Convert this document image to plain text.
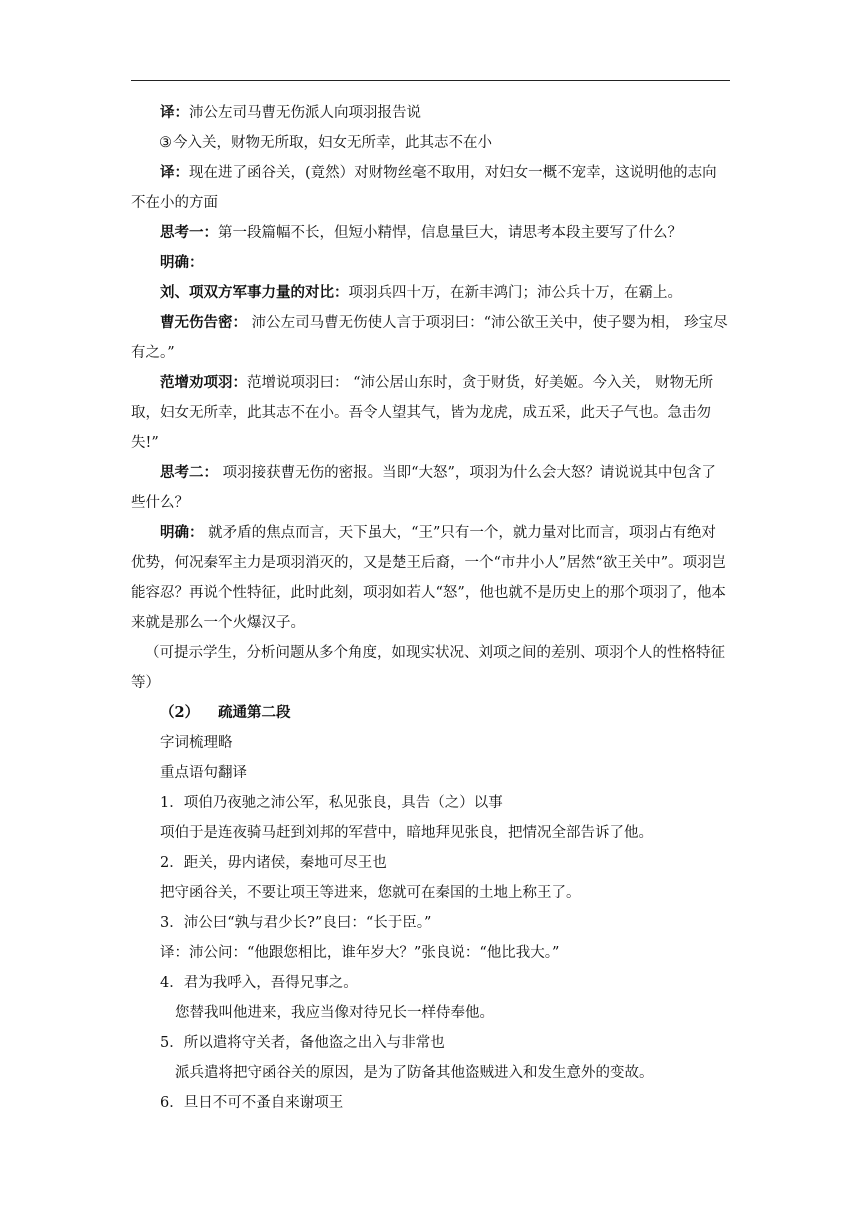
译：沛公左司马曹无伤派人向项羽报告说

③今入关，财物无所取，妇女无所幸，此其志不在小

译：现在进了函谷关，(竟然）对财物丝毫不取用，对妇女一概不宠幸，这说明他的志向不在小的方面

思考一：第一段篇幅不长，但短小精悍，信息量巨大，请思考本段主要写了什么？

明确：

刘、项双方军事力量的对比：项羽兵四十万，在新丰鸿门；沛公兵十万，在霸上。

曹无伤告密： 沛公左司马曹无伤使人言于项羽曰：“沛公欲王关中，使子婴为相， 珍宝尽有之。”

范增劝项羽：范增说项羽曰： “沛公居山东时，贪于财货，好美姬。今入关， 财物无所取，妇女无所幸，此其志不在小。吾令人望其气，皆为龙虎，成五采，此天子气也。急击勿失!”

思考二： 项羽接获曹无伤的密报。当即“大怒”，项羽为什么会大怒？请说说其中包含了些什么？

明确： 就矛盾的焦点而言，天下虽大，“王”只有一个，就力量对比而言，项羽占有绝对优势，何况秦军主力是项羽消灭的，又是楚王后裔，一个“市井小人”居然“欲王关中”。项羽岂能容忍？再说个性特征，此时此刻，项羽如若人“怒”，他也就不是历史上的那个项羽了，他本来就是那么一个火爆汉子。

（可提示学生，分析问题从多个角度，如现实状况、刘项之间的差别、项羽个人的性格特征等）

（2） 疏通第二段

字词梳理略

重点语句翻译

1．项伯乃夜驰之沛公军，私见张良，具告（之）以事

项伯于是连夜骑马赶到刘邦的军营中，暗地拜见张良，把情况全部告诉了他。

2．距关，毋内诸侯，秦地可尽王也

把守函谷关，不要让项王等进来，您就可在秦国的土地上称王了。

3．沛公曰“孰与君少长?”良曰：“长于臣。”

译：沛公问：“他跟您相比，谁年岁大？”张良说：“他比我大。”

4．君为我呼入，吾得兄事之。

您替我叫他进来，我应当像对待兄长一样侍奉他。

5．所以遣将守关者，备他盗之出入与非常也

派兵遣将把守函谷关的原因，是为了防备其他盗贼进入和发生意外的变故。

6．旦日不可不蚤自来谢项王
